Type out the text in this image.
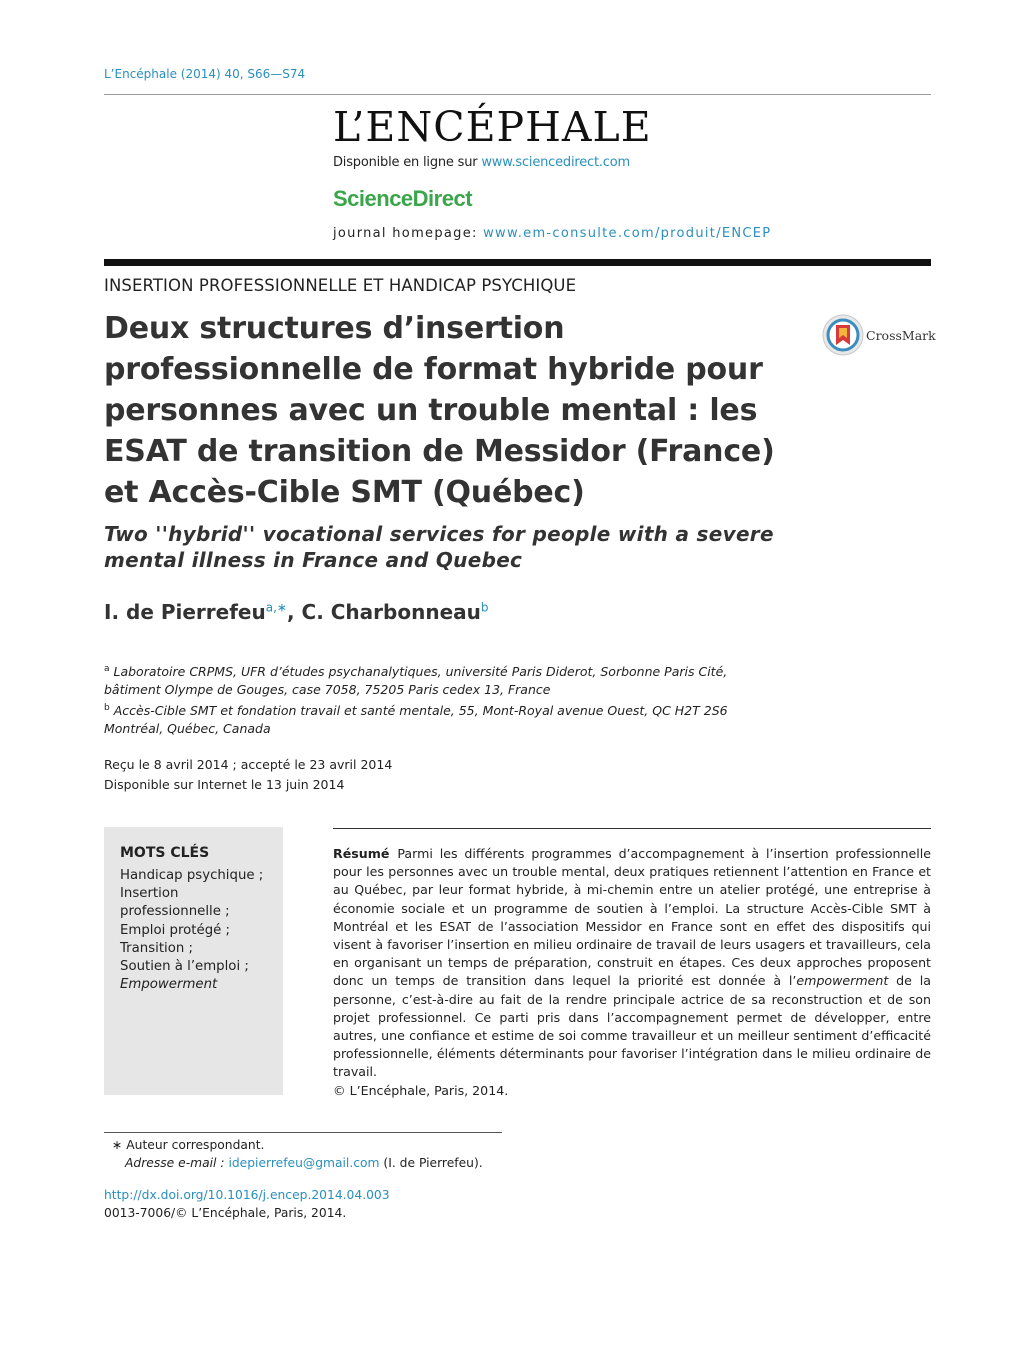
L’Encéphale (2014) 40, S66—S74
L’ENCÉPHALE
Disponible en ligne sur www.sciencedirect.com
ScienceDirect
journal homepage: www.em-consulte.com/produit/ENCEP
INSERTION PROFESSIONNELLE ET HANDICAP PSYCHIQUE
Deux structures d’insertion professionnelle de format hybride pour personnes avec un trouble mental : les ESAT de transition de Messidor (France) et Accès-Cible SMT (Québec)
CrossMark
Two ''hybrid'' vocational services for people with a severe mental illness in France and Quebec
I. de Pierrefeu$^{a,∗}$, C. Charbonneau$^b$
$^a$ Laboratoire CRPMS, UFR d’études psychanalytiques, université Paris Diderot, Sorbonne Paris Cité,
bâtiment Olympe de Gouges, case 7058, 75205 Paris cedex 13, France
$^b$ Accès-Cible SMT et fondation travail et santé mentale, 55, Mont-Royal avenue Ouest, QC H2T 2S6
Montréal, Québec, Canada
Reçu le 8 avril 2014 ; accepté le 23 avril 2014
Disponible sur Internet le 13 juin 2014
MOTS CLÉS
Handicap psychique ;
Insertion
professionnelle ;
Emploi protégé ;
Transition ;
Soutien à l’emploi ;
Empowerment
Résumé Parmi les différents programmes d’accompagnement à l’insertion professionnelle pour les personnes avec un trouble mental, deux pratiques retiennent l’attention en France et au Québec, par leur format hybride, à mi-chemin entre un atelier protégé, une entreprise à économie sociale et un programme de soutien à l’emploi. La structure Accès-Cible SMT à Montréal et les ESAT de l’association Messidor en France sont en effet des dispositifs qui visent à favoriser l’insertion en milieu ordinaire de travail de leurs usagers et travailleurs, cela en organisant un temps de préparation, construit en étapes. Ces deux approches proposent donc un temps de transition dans lequel la priorité est donnée à l’empowerment de la personne, c’est-à-dire au fait de la rendre principale actrice de sa reconstruction et de son projet professionnel. Ce parti pris dans l’accompagnement permet de développer, entre autres, une confiance et estime de soi comme travailleur et un meilleur sentiment d’efficacité professionnelle, éléments déterminants pour favoriser l’intégration dans le milieu ordinaire de travail.
© L’Encéphale, Paris, 2014.
∗ Auteur correspondant.
Adresse e-mail : idepierrefeu@gmail.com (I. de Pierrefeu).
http://dx.doi.org/10.1016/j.encep.2014.04.003
0013-7006/© L’Encéphale, Paris, 2014.
